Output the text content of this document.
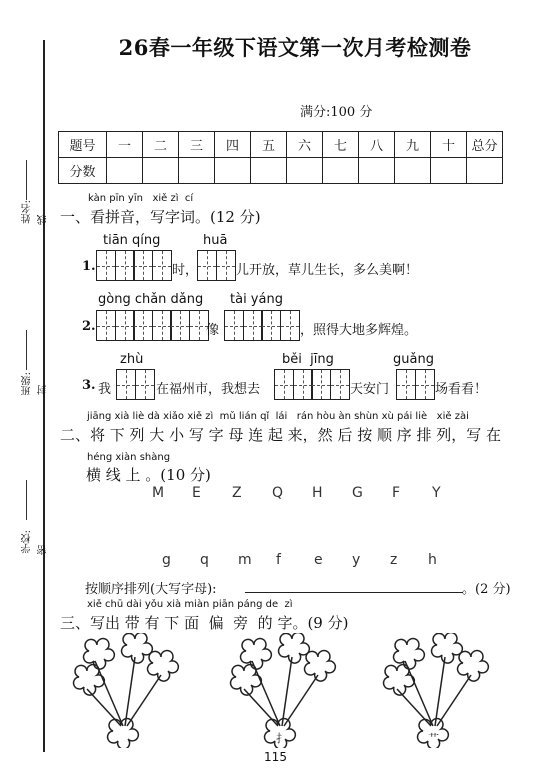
26春一年级下语文第一次月考检测卷
满分:100 分
题号	一	二	三	四	五	六	七	八	九	十	总分
分数											
姓名: 线
班级: 封
学校: 密
kàn pīn yīn   xiě zì  cí
一、看拼音，写字词。(12 分)
tiān qíng	huā
1.	时，	儿开放，草儿生长，多么美啊！
gòng chǎn dǎng tài yáng
2.	像	，照得大地多辉煌。
zhù	běi  jīng	guǎng
3. 我	在福州市，我想去	天安门	场看看！
jiāng xià liè dà xiǎo xiě zì  mǔ lián qǐ  lái   rán hòu àn shùn xù pái liè   xiě zài
二、将 下 列 大 小 写 字 母 连 起 来，然 后 按 顺 序 排 列，写 在
héng xiàn shàng
横 线 上 。(10 分)
M	E	Z	Q	H	G	F	Y
g	q	m	f	e	y	z	h
按顺序排列(大写字母):	。(2 分)
xiě chū dài yǒu xià miàn piān páng de  zì
三、写出 带 有 下 面  偏  旁  的 字。(9 分)
扌	艹
115
